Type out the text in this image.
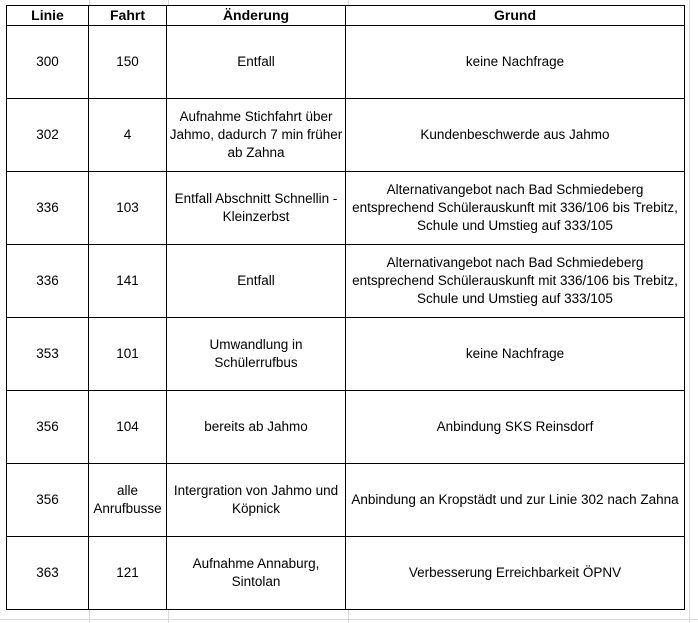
Linie	Fahrt	Änderung	Grund
300	150	Entfall	keine Nachfrage
302	4	Aufnahme Stichfahrt über Jahmo, dadurch 7 min früher ab Zahna	Kundenbeschwerde aus Jahmo
336	103	Entfall Abschnitt Schnellin - Kleinzerbst	Alternativangebot nach Bad Schmiedeberg entsprechend Schülerauskunft mit 336/106 bis Trebitz, Schule und Umstieg auf 333/105
336	141	Entfall	Alternativangebot nach Bad Schmiedeberg entsprechend Schülerauskunft mit 336/106 bis Trebitz, Schule und Umstieg auf 333/105
353	101	Umwandlung in Schülerrufbus	keine Nachfrage
356	104	bereits ab Jahmo	Anbindung SKS Reinsdorf
356	alle Anrufbusse	Intergration von Jahmo und Köpnick	Anbindung an Kropstädt und zur Linie 302 nach Zahna
363	121	Aufnahme Annaburg, Sintolan	Verbesserung Erreichbarkeit ÖPNV
